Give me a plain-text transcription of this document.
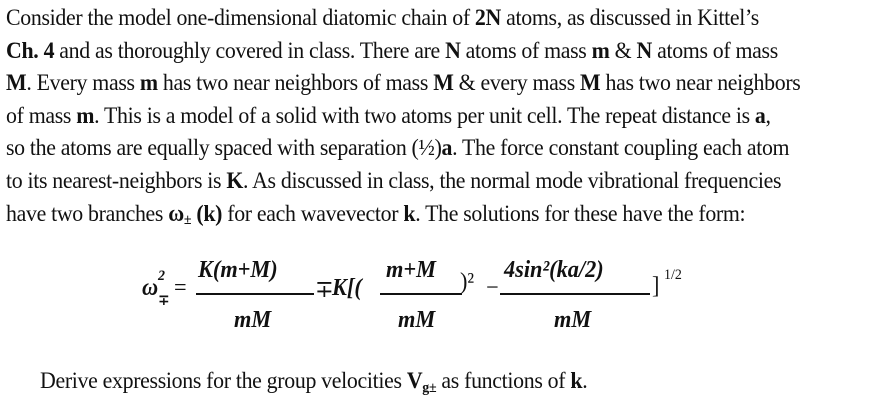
Consider the model one-dimensional diatomic chain of 2N atoms, as discussed in Kittel’s
Ch. 4 and as thoroughly covered in class. There are N atoms of mass m & N atoms of mass
M. Every mass m has two near neighbors of mass M & every mass M has two near neighbors
of mass m. This is a model of a solid with two atoms per unit cell. The repeat distance is a,
so the atoms are equally spaced with separation (½)a. The force constant coupling each atom
to its nearest-neighbors is K. As discussed in class, the normal mode vibrational frequencies
have two branches ω± (k) for each wavevector k. The solutions for these have the form:
ω 2
∓ =
K(m+M)
mM
∓
K[(
m+M
mM
)² −
4sin²(ka/2)
mM
] 1/2
Derive expressions for the group velocities Vg± as functions of k.
